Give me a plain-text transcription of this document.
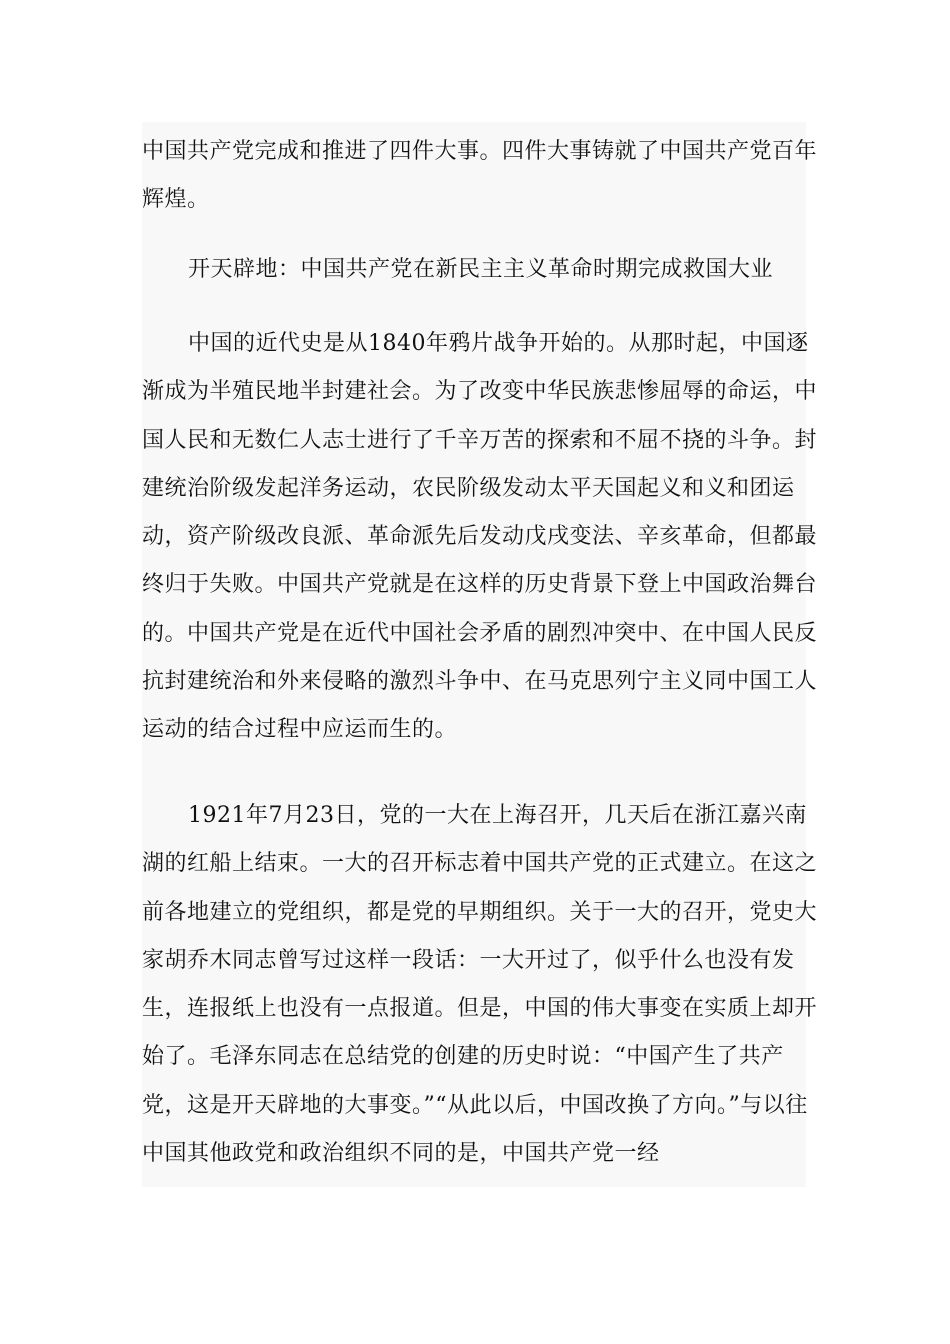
中国共产党完成和推进了四件大事。四件大事铸就了中国共产党百年辉煌。

开天辟地：中国共产党在新民主主义革命时期完成救国大业

中国的近代史是从1840年鸦片战争开始的。从那时起，中国逐渐成为半殖民地半封建社会。为了改变中华民族悲惨屈辱的命运，中国人民和无数仁人志士进行了千辛万苦的探索和不屈不挠的斗争。封建统治阶级发起洋务运动，农民阶级发动太平天国起义和义和团运动，资产阶级改良派、革命派先后发动戊戌变法、辛亥革命，但都最终归于失败。中国共产党就是在这样的历史背景下登上中国政治舞台的。中国共产党是在近代中国社会矛盾的剧烈冲突中、在中国人民反抗封建统治和外来侵略的激烈斗争中、在马克思列宁主义同中国工人运动的结合过程中应运而生的。

1921年7月23日，党的一大在上海召开，几天后在浙江嘉兴南湖的红船上结束。一大的召开标志着中国共产党的正式建立。在这之前各地建立的党组织，都是党的早期组织。关于一大的召开，党史大家胡乔木同志曾写过这样一段话：一大开过了，似乎什么也没有发生，连报纸上也没有一点报道。但是，中国的伟大事变在实质上却开始了。毛泽东同志在总结党的创建的历史时说：“中国产生了共产党，这是开天辟地的大事变。”“从此以后，中国改换了方向。”与以往中国其他政党和政治组织不同的是，中国共产党一经
